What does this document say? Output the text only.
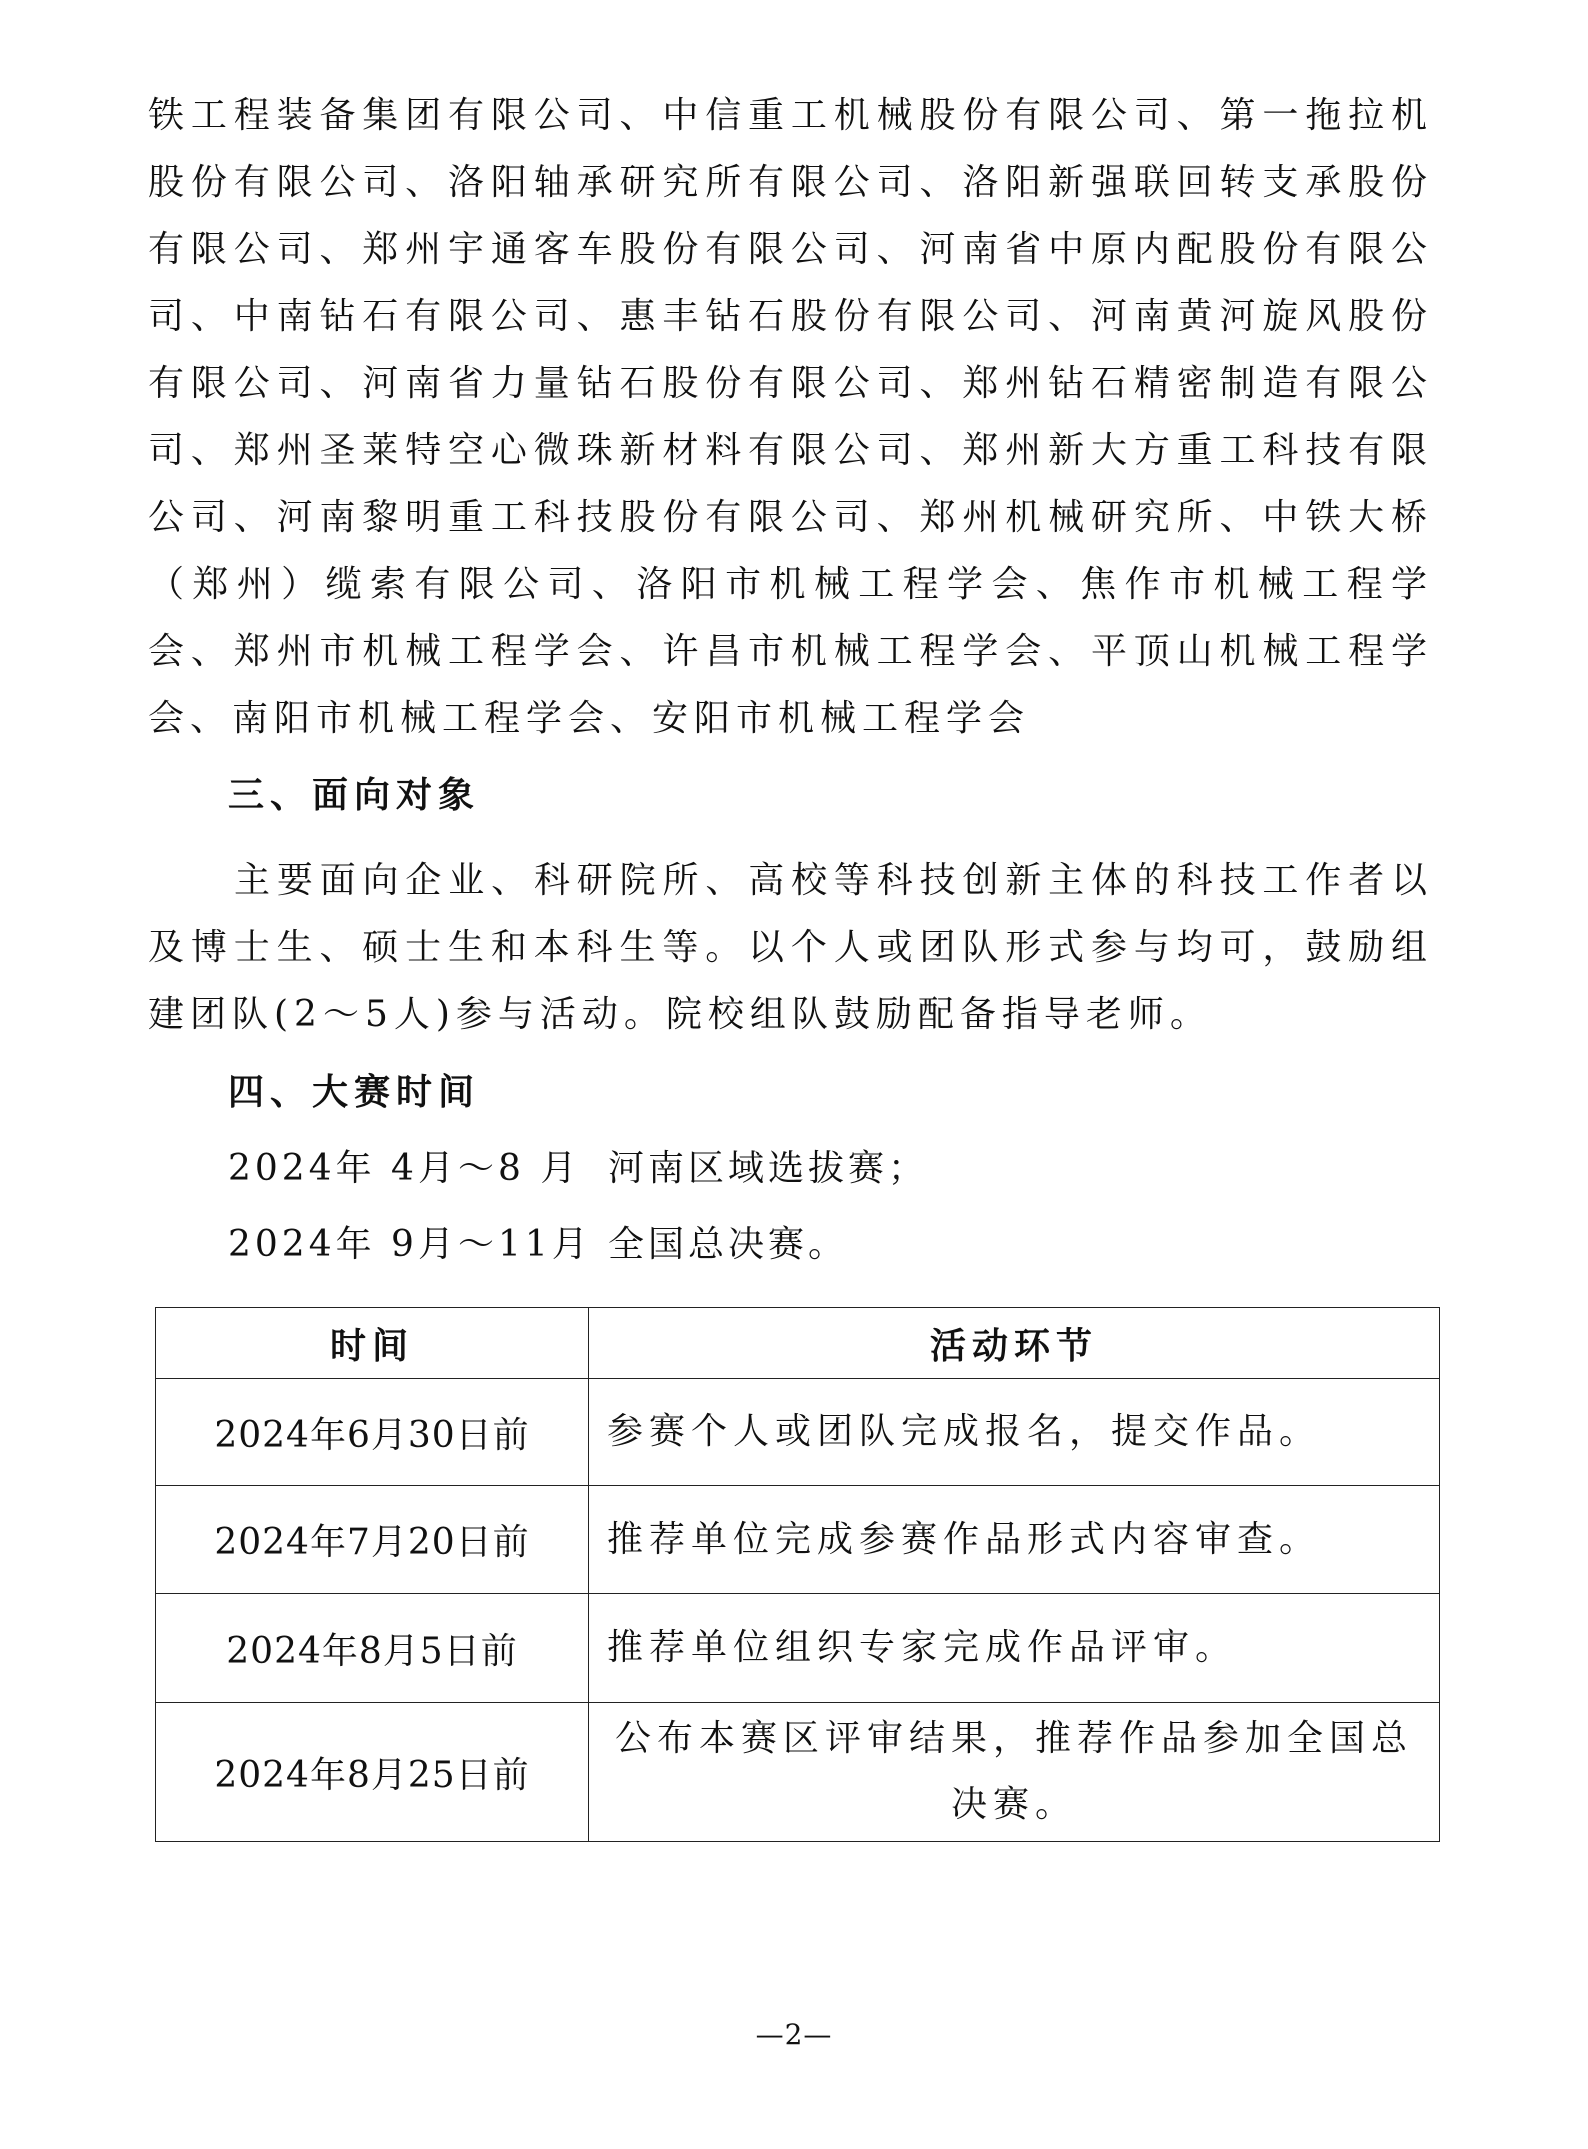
铁工程装备集团有限公司、中信重工机械股份有限公司、第一拖拉机股份有限公司、洛阳轴承研究所有限公司、洛阳新强联回转支承股份有限公司、郑州宇通客车股份有限公司、河南省中原内配股份有限公司、中南钻石有限公司、惠丰钻石股份有限公司、河南黄河旋风股份有限公司、河南省力量钻石股份有限公司、郑州钻石精密制造有限公司、郑州圣莱特空心微珠新材料有限公司、郑州新大方重工科技有限公司、河南黎明重工科技股份有限公司、郑州机械研究所、中铁大桥（郑州）缆索有限公司、洛阳市机械工程学会、焦作市机械工程学会、郑州市机械工程学会、许昌市机械工程学会、平顶山机械工程学会、南阳市机械工程学会、安阳市机械工程学会

三、面向对象

主要面向企业、科研院所、高校等科技创新主体的科技工作者以及博士生、硕士生和本科生等。以个人或团队形式参与均可，鼓励组建团队(2～5人)参与活动。院校组队鼓励配备指导老师。

四、大赛时间

2024年 4月～8 月 河南区域选拔赛；
2024年 9月～11月 全国总决赛。
时间	活动环节
2024年6月30日前	参赛个人或团队完成报名，提交作品。
2024年7月20日前	推荐单位完成参赛作品形式内容审查。
2024年8月5日前	推荐单位组织专家完成作品评审。
2024年8月25日前	公布本赛区评审结果，推荐作品参加全国总决赛。
—2—
